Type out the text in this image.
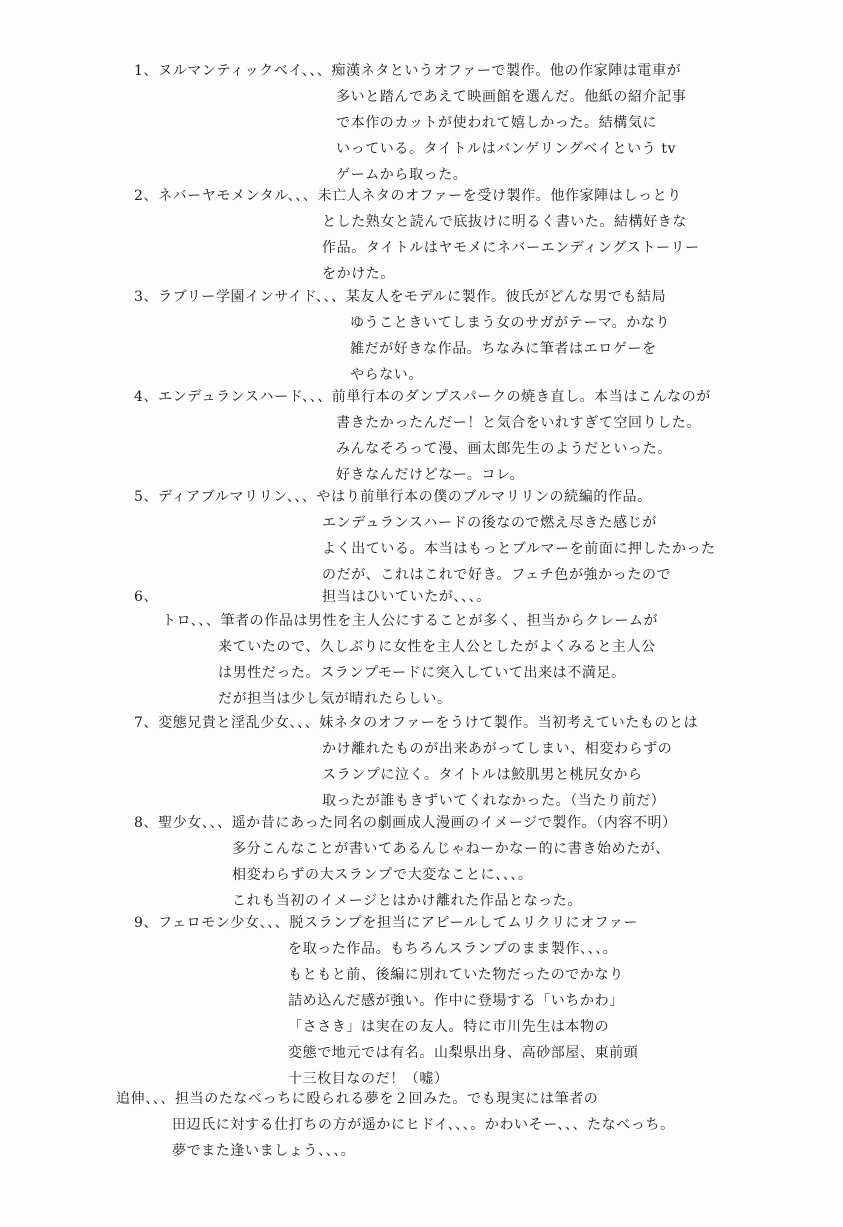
1、ヌルマンティックベイ、、、痴漢ネタというオファーで製作。他の作家陣は電車が
多いと踏んであえて映画館を選んだ。他紙の紹介記事
で本作のカットが使われて嬉しかった。結構気に
いっている。タイトルはバンゲリングベイという tv
ゲームから取った。
2、ネバーヤモメンタル、、、未亡人ネタのオファーを受け製作。他作家陣はしっとり
とした熟女と読んで底抜けに明るく書いた。結構好きな
作品。タイトルはヤモメにネバーエンディングストーリー
をかけた。
3、ラブリー学園インサイド、、、某友人をモデルに製作。彼氏がどんな男でも結局
ゆうこときいてしまう女のサガがテーマ。かなり
雑だが好きな作品。ちなみに筆者はエロゲーを
やらない。
4、エンデュランスハード、、、前単行本のダンプスパークの焼き直し。本当はこんなのが
書きたかったんだー！と気合をいれすぎて空回りした。
みんなそろって漫、画太郎先生のようだといった。
好きなんだけどなー。コレ。
5、ディアブルマリリン、、、やはり前単行本の僕のブルマリリンの続編的作品。
エンデュランスハードの後なので燃え尽きた感じが
よく出ている。本当はもっとブルマーを前面に押したかった
のだが、これはこれで好き。フェチ色が強かったので
6、	担当はひいていたが、、、。
トロ、、、筆者の作品は男性を主人公にすることが多く、担当からクレームが
来ていたので、久しぶりに女性を主人公としたがよくみると主人公
は男性だった。スランプモードに突入していて出来は不満足。
だが担当は少し気が晴れたらしい。
7、変態兄貴と淫乱少女、、、妹ネタのオファーをうけて製作。当初考えていたものとは
かけ離れたものが出来あがってしまい、相変わらずの
スランプに泣く。タイトルは鮫肌男と桃尻女から
取ったが誰もきずいてくれなかった。（当たり前だ）
8、聖少女、、、遥か昔にあった同名の劇画成人漫画のイメージで製作。（内容不明）
多分こんなことが書いてあるんじゃねーかなー的に書き始めたが、
相変わらずの大スランプで大変なことに、、、。
これも当初のイメージとはかけ離れた作品となった。
9、フェロモン少女、、、脱スランプを担当にアピールしてムリクリにオファー
を取った作品。もちろんスランプのまま製作、、、。
もともと前、後編に別れていた物だったのでかなり
詰め込んだ感が強い。作中に登場する「いちかわ」
「ささき」は実在の友人。特に市川先生は本物の
変態で地元では有名。山梨県出身、高砂部屋、東前頭
十三枚目なのだ！（嘘）
追伸、、、担当のたなべっちに殴られる夢を２回みた。でも現実には筆者の
田辺氏に対する仕打ちの方が遥かにヒドイ、、、。かわいそー、、、たなべっち。
夢でまた逢いましょう、、、。
